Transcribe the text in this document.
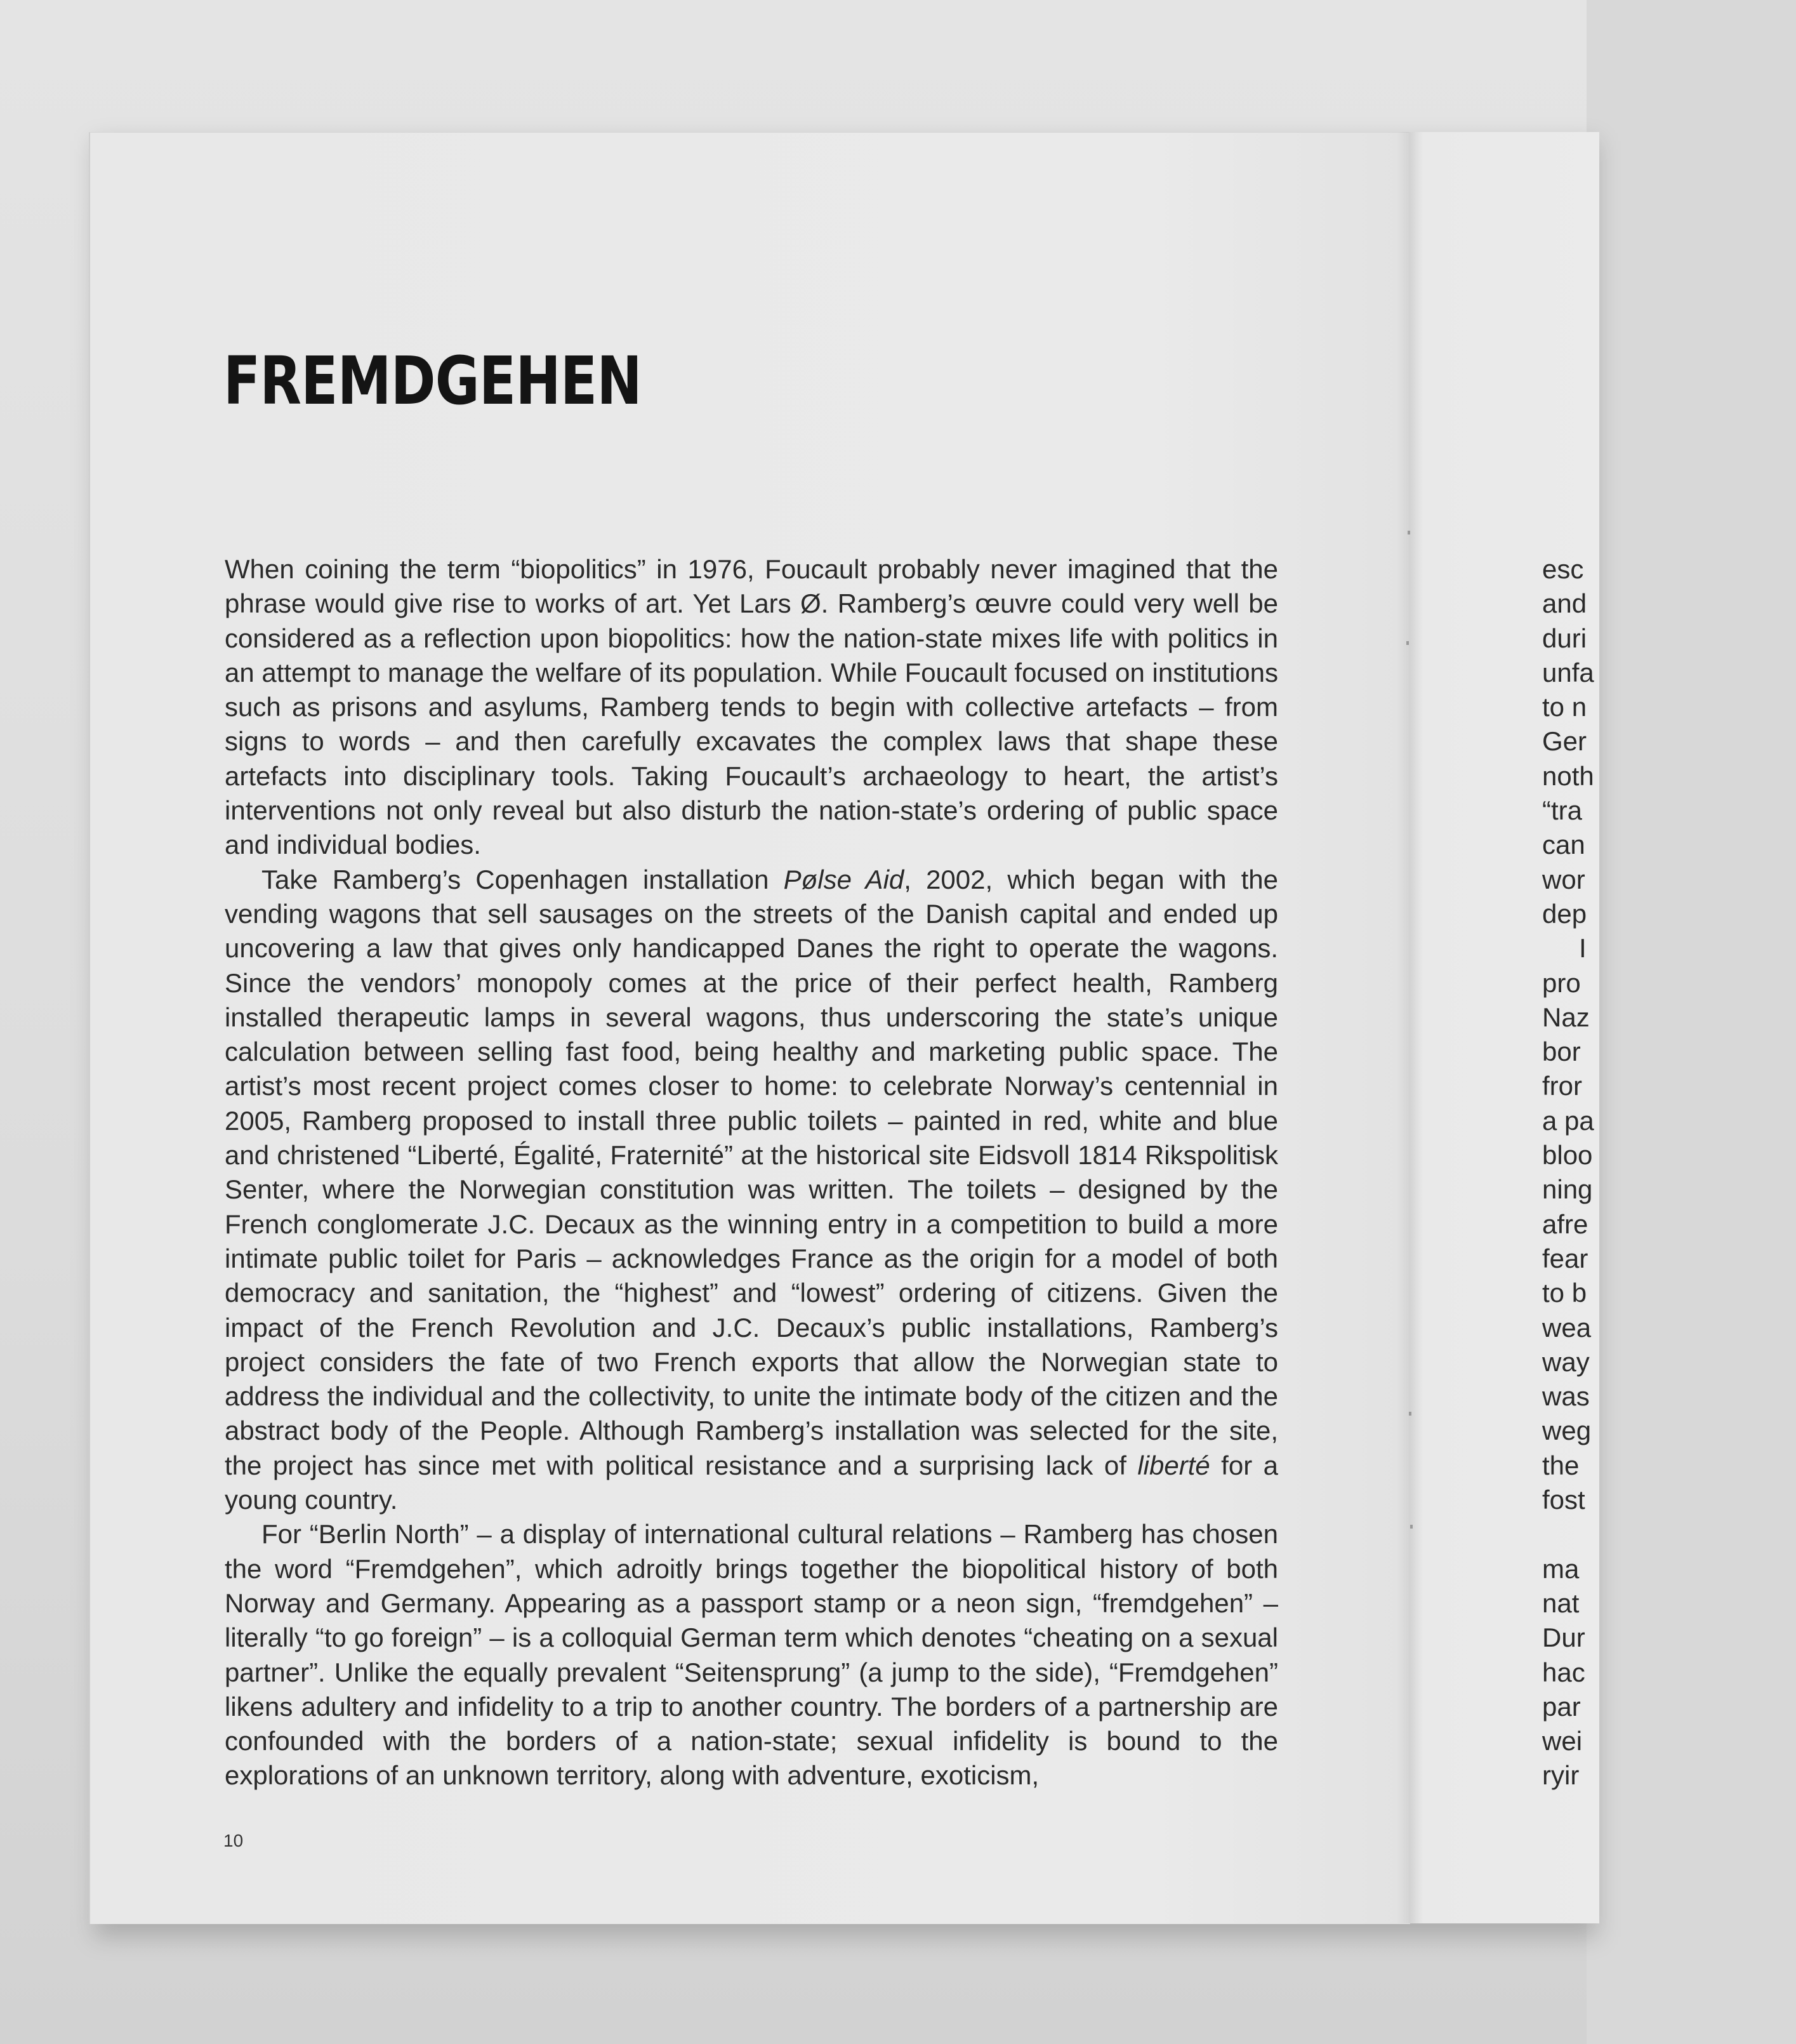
FREMDGEHEN

When coining the term “biopolitics” in 1976, Foucault probably never imagined that the phrase would give rise to works of art. Yet Lars Ø. Ramberg’s œuvre could very well be considered as a reflection upon biopolitics: how the nation-state mixes life with politics in an attempt to manage the welfare of its population. While Foucault focused on institutions such as prisons and asylums, Ramberg tends to begin with collective artefacts – from signs to words – and then carefully excavates the complex laws that shape these artefacts into disciplinary tools. Taking Foucault’s archaeology to heart, the artist’s interventions not only reveal but also disturb the nation-state’s ordering of public space and individual bodies.

Take Ramberg’s Copenhagen installation Pølse Aid, 2002, which began with the vending wagons that sell sausages on the streets of the Danish capital and ended up uncovering a law that gives only handicapped Danes the right to operate the wagons. Since the vendors’ monopoly comes at the price of their perfect health, Ramberg installed therapeutic lamps in several wagons, thus underscoring the state’s unique calculation between selling fast food, being healthy and marketing public space. The artist’s most recent project comes closer to home: to celebrate Norway’s centennial in 2005, Ramberg proposed to install three public toilets – painted in red, white and blue and christened “Liberté, Égalité, Fraternité” at the historical site Eidsvoll 1814 Rikspolitisk Senter, where the Norwegian constitution was written. The toilets – designed by the French conglomerate J.C. Decaux as the winning entry in a competition to build a more intimate public toilet for Paris – acknowledges France as the origin for a model of both democracy and sanitation, the “highest” and “lowest” ordering of citizens. Given the impact of the French Revolution and J.C. Decaux’s public installations, Ramberg’s project considers the fate of two French exports that allow the Norwegian state to address the individual and the collectivity, to unite the intimate body of the citizen and the abstract body of the People. Although Ramberg’s installation was selected for the site, the project has since met with political resistance and a surprising lack of liberté for a young country.

For “Berlin North” – a display of international cultural relations – Ramberg has chosen the word “Fremdgehen”, which adroitly brings together the biopolitical history of both Norway and Germany. Appearing as a passport stamp or a neon sign, “fremdgehen” – literally “to go foreign” – is a colloquial German term which denotes “cheating on a sexual partner”. Unlike the equally prevalent “Seitensprung” (a jump to the side), “Fremdgehen” likens adultery and infidelity to a trip to another country. The borders of a partnership are confounded with the borders of a nation-state; sexual infidelity is bound to the explorations of an unknown territory, along with adventure, exoticism,

10
esc
and
duri
unfa
to n
Ger
noth
“tra
can
wor
dep
I
pro
Naz
bor
fror
a pa
bloo
ning
afre
fear
to b
wea
way
was
weg
the
fost
ma
nat
Dur
hac
par
wei
ryir
